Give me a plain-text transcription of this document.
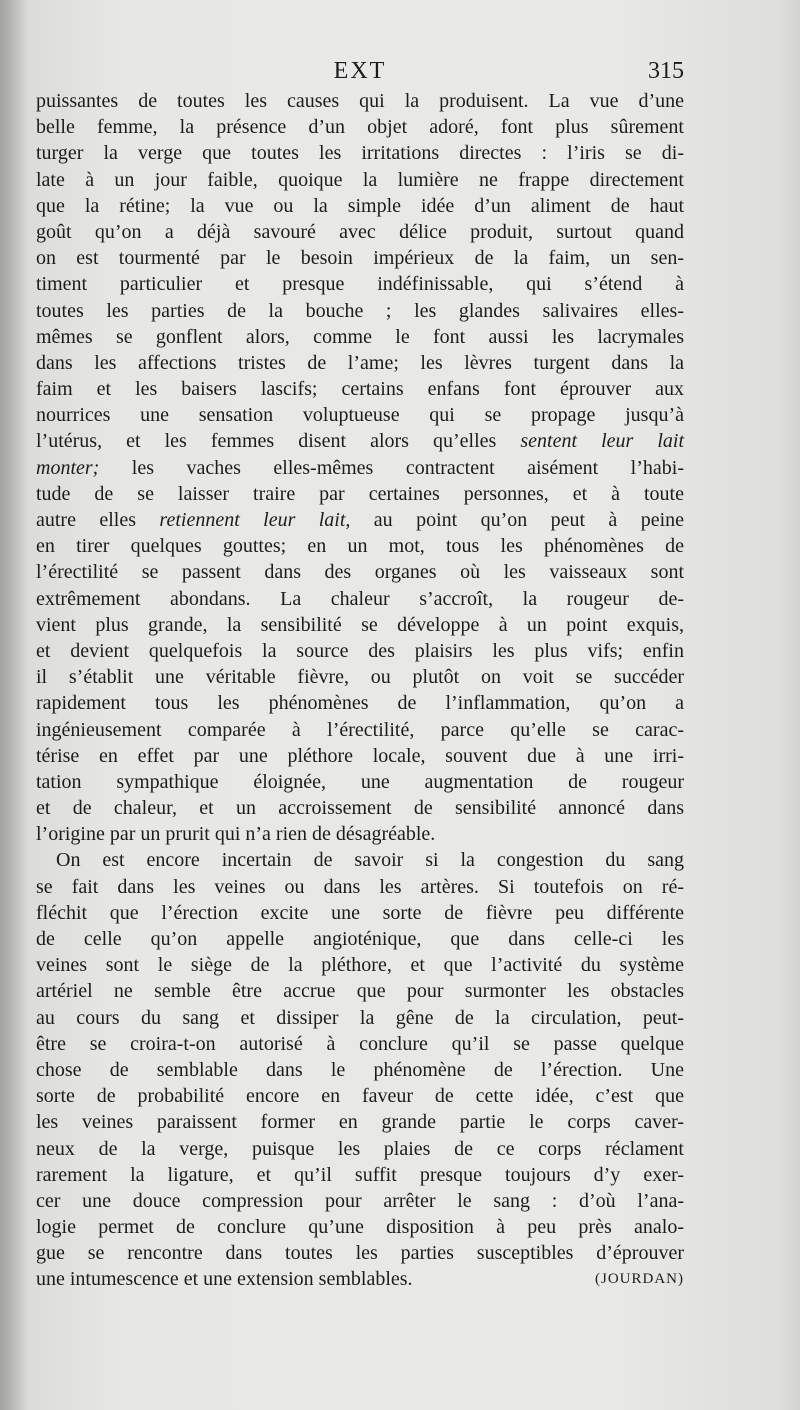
EXT	315
puissantes de toutes les causes qui la produisent. La vue d’une
belle femme, la présence d’un objet adoré, font plus sûrement
turger la verge que toutes les irritations directes : l’iris se di-
late à un jour faible, quoique la lumière ne frappe directement
que la rétine; la vue ou la simple idée d’un aliment de haut
goût qu’on a déjà savouré avec délice produit, surtout quand
on est tourmenté par le besoin impérieux de la faim, un sen-
timent particulier et presque indéfinissable, qui s’étend à
toutes les parties de la bouche ; les glandes salivaires elles-
mêmes se gonflent alors, comme le font aussi les lacrymales
dans les affections tristes de l’ame; les lèvres turgent dans la
faim et les baisers lascifs; certains enfans font éprouver aux
nourrices une sensation voluptueuse qui se propage jusqu’à
l’utérus, et les femmes disent alors qu’elles sentent leur lait
monter; les vaches elles-mêmes contractent aisément l’habi-
tude de se laisser traire par certaines personnes, et à toute
autre elles retiennent leur lait, au point qu’on peut à peine
en tirer quelques gouttes; en un mot, tous les phénomènes de
l’érectilité se passent dans des organes où les vaisseaux sont
extrêmement abondans. La chaleur s’accroît, la rougeur de-
vient plus grande, la sensibilité se développe à un point exquis,
et devient quelquefois la source des plaisirs les plus vifs; enfin
il s’établit une véritable fièvre, ou plutôt on voit se succéder
rapidement tous les phénomènes de l’inflammation, qu’on a
ingénieusement comparée à l’érectilité, parce qu’elle se carac-
térise en effet par une pléthore locale, souvent due à une irri-
tation sympathique éloignée, une augmentation de rougeur
et de chaleur, et un accroissement de sensibilité annoncé dans
l’origine par un prurit qui n’a rien de désagréable.
On est encore incertain de savoir si la congestion du sang
se fait dans les veines ou dans les artères. Si toutefois on ré-
fléchit que l’érection excite une sorte de fièvre peu différente
de celle qu’on appelle angioténique, que dans celle-ci les
veines sont le siège de la pléthore, et que l’activité du système
artériel ne semble être accrue que pour surmonter les obstacles
au cours du sang et dissiper la gêne de la circulation, peut-
être se croira-t-on autorisé à conclure qu’il se passe quelque
chose de semblable dans le phénomène de l’érection. Une
sorte de probabilité encore en faveur de cette idée, c’est que
les veines paraissent former en grande partie le corps caver-
neux de la verge, puisque les plaies de ce corps réclament
rarement la ligature, et qu’il suffit presque toujours d’y exer-
cer une douce compression pour arrêter le sang : d’où l’ana-
logie permet de conclure qu’une disposition à peu près analo-
gue se rencontre dans toutes les parties susceptibles d’éprouver
une intumescence et une extension semblables.	(JOURDAN)
